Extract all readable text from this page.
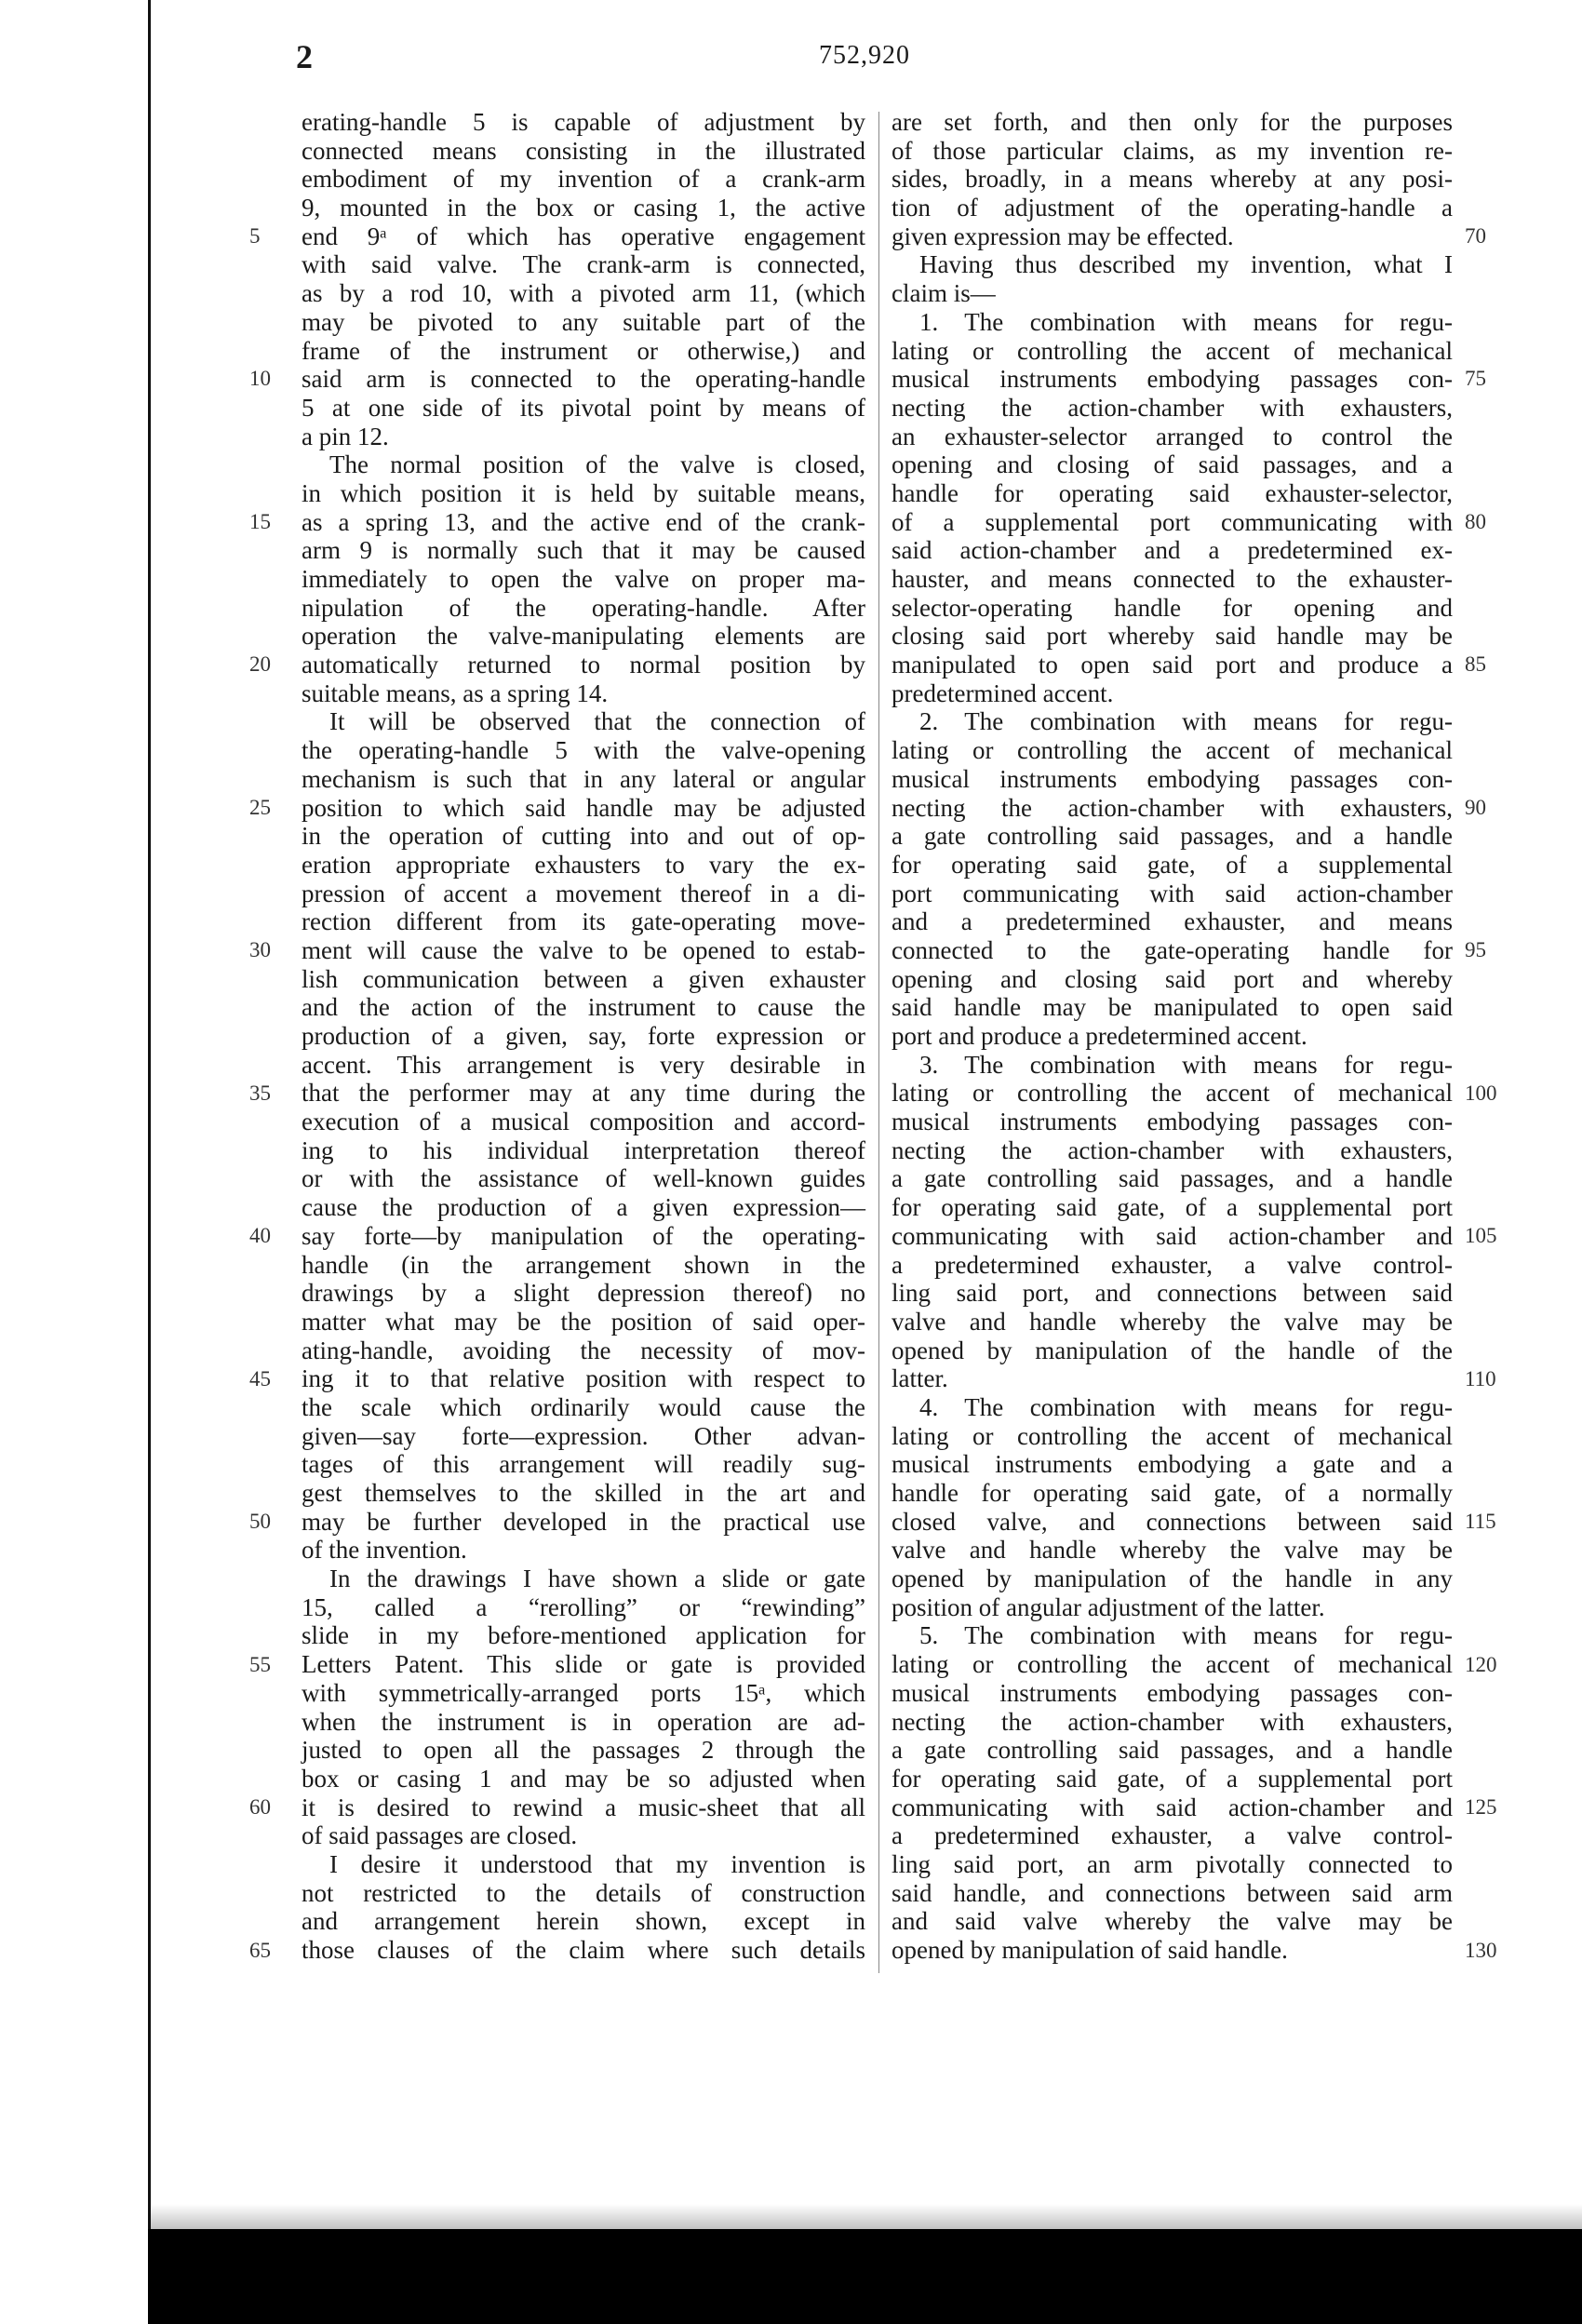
2	752,920
erating-handle 5 is capable of adjustment by
connected means consisting in the illustrated
embodiment of my invention of a crank-arm
9, mounted in the box or casing 1, the active
end 9ᵃ of which has operative engagement
with said valve. The crank-arm is connected,
as by a rod 10, with a pivoted arm 11, (which
may be pivoted to any suitable part of the
frame of the instrument or otherwise,) and
said arm is connected to the operating-handle
5 at one side of its pivotal point by means of
a pin 12.
The normal position of the valve is closed,
in which position it is held by suitable means,
as a spring 13, and the active end of the crank-
arm 9 is normally such that it may be caused
immediately to open the valve on proper ma-
nipulation of the operating-handle. After
operation the valve-manipulating elements are
automatically returned to normal position by
suitable means, as a spring 14.
It will be observed that the connection of
the operating-handle 5 with the valve-opening
mechanism is such that in any lateral or angular
position to which said handle may be adjusted
in the operation of cutting into and out of op-
eration appropriate exhausters to vary the ex-
pression of accent a movement thereof in a di-
rection different from its gate-operating move-
ment will cause the valve to be opened to estab-
lish communication between a given exhauster
and the action of the instrument to cause the
production of a given, say, forte expression or
accent. This arrangement is very desirable in
that the performer may at any time during the
execution of a musical composition and accord-
ing to his individual interpretation thereof
or with the assistance of well-known guides
cause the production of a given expression—
say forte—by manipulation of the operating-
handle (in the arrangement shown in the
drawings by a slight depression thereof) no
matter what may be the position of said oper-
ating-handle, avoiding the necessity of mov-
ing it to that relative position with respect to
the scale which ordinarily would cause the
given—say forte—expression. Other advan-
tages of this arrangement will readily sug-
gest themselves to the skilled in the art and
may be further developed in the practical use
of the invention.
In the drawings I have shown a slide or gate
15, called a “rerolling” or “rewinding”
slide in my before-mentioned application for
Letters Patent. This slide or gate is provided
with symmetrically-arranged ports 15ᵃ, which
when the instrument is in operation are ad-
justed to open all the passages 2 through the
box or casing 1 and may be so adjusted when
it is desired to rewind a music-sheet that all
of said passages are closed.
I desire it understood that my invention is
not restricted to the details of construction
and arrangement herein shown, except in
those clauses of the claim where such details
are set forth, and then only for the purposes
of those particular claims, as my invention re-
sides, broadly, in a means whereby at any posi-
tion of adjustment of the operating-handle a
given expression may be effected.
Having thus described my invention, what I
claim is—
1. The combination with means for regu-
lating or controlling the accent of mechanical
musical instruments embodying passages con-
necting the action-chamber with exhausters,
an exhauster-selector arranged to control the
opening and closing of said passages, and a
handle for operating said exhauster-selector,
of a supplemental port communicating with
said action-chamber and a predetermined ex-
hauster, and means connected to the exhauster-
selector-operating handle for opening and
closing said port whereby said handle may be
manipulated to open said port and produce a
predetermined accent.
2. The combination with means for regu-
lating or controlling the accent of mechanical
musical instruments embodying passages con-
necting the action-chamber with exhausters,
a gate controlling said passages, and a handle
for operating said gate, of a supplemental
port communicating with said action-chamber
and a predetermined exhauster, and means
connected to the gate-operating handle for
opening and closing said port and whereby
said handle may be manipulated to open said
port and produce a predetermined accent.
3. The combination with means for regu-
lating or controlling the accent of mechanical
musical instruments embodying passages con-
necting the action-chamber with exhausters,
a gate controlling said passages, and a handle
for operating said gate, of a supplemental port
communicating with said action-chamber and
a predetermined exhauster, a valve control-
ling said port, and connections between said
valve and handle whereby the valve may be
opened by manipulation of the handle of the
latter.
4. The combination with means for regu-
lating or controlling the accent of mechanical
musical instruments embodying a gate and a
handle for operating said gate, of a normally
closed valve, and connections between said
valve and handle whereby the valve may be
opened by manipulation of the handle in any
position of angular adjustment of the latter.
5. The combination with means for regu-
lating or controlling the accent of mechanical
musical instruments embodying passages con-
necting the action-chamber with exhausters,
a gate controlling said passages, and a handle
for operating said gate, of a supplemental port
communicating with said action-chamber and
a predetermined exhauster, a valve control-
ling said port, an arm pivotally connected to
said handle, and connections between said arm
and said valve whereby the valve may be
opened by manipulation of said handle.
5
10
15
20
25
30
35
40
45
50
55
60
65
70
75
80
85
90
95
100
105
110
115
120
125
130
